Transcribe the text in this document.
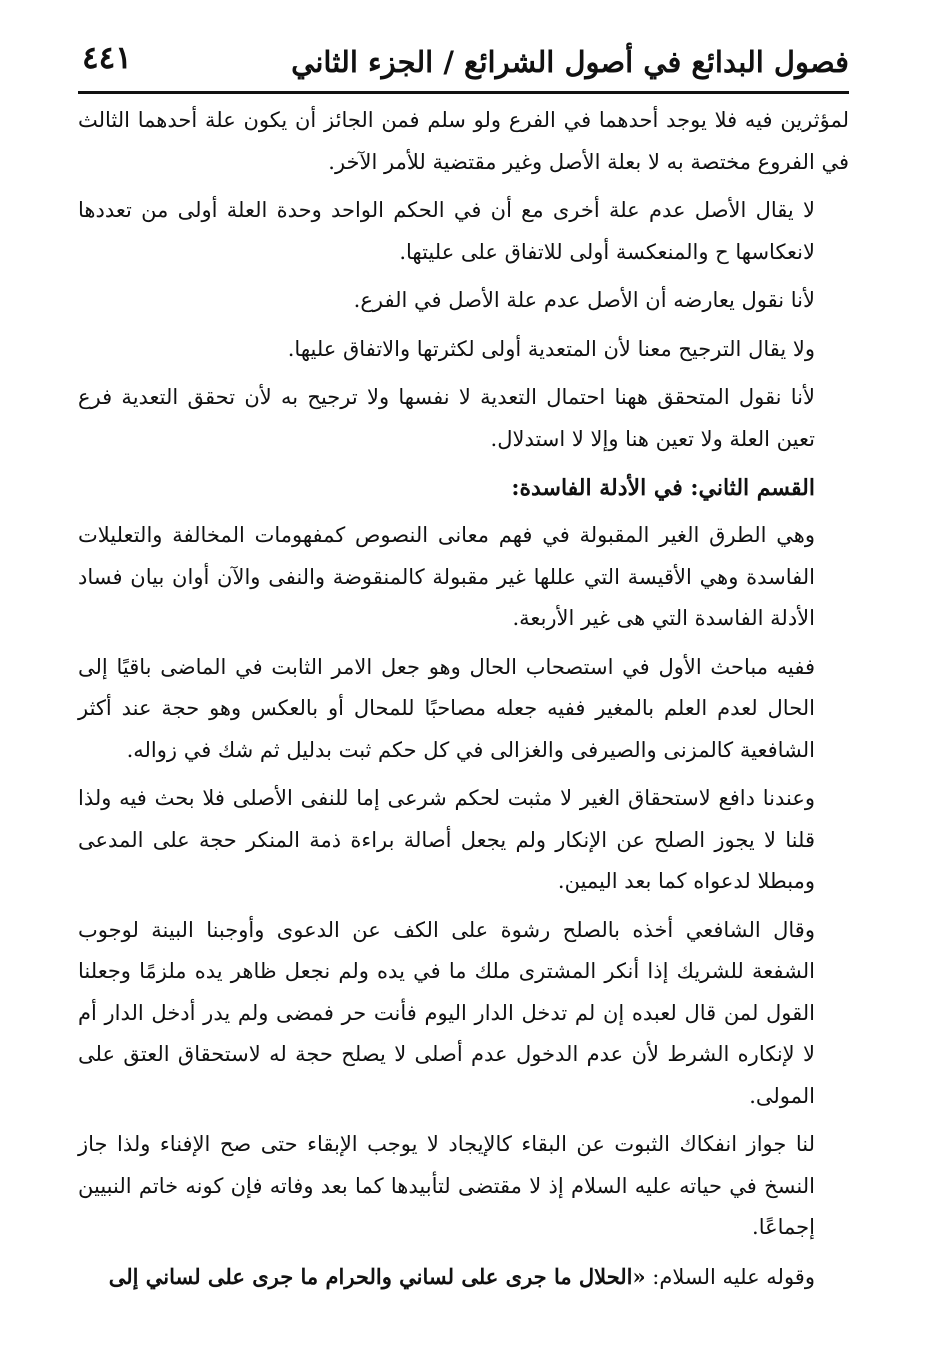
فصول البدائع في أصول الشرائع / الجزء الثاني
٤٤١

لمؤثرين فيه فلا يوجد أحدهما في الفرع ولو سلم فمن الجائز أن يكون علة أحدهما الثالث في الفروع مختصة به لا بعلة الأصل وغير مقتضية للأمر الآخر.

لا يقال الأصل عدم علة أخرى مع أن في الحكم الواحد وحدة العلة أولى من تعددها لانعكاسها ح والمنعكسة أولى للاتفاق على عليتها.

لأنا نقول يعارضه أن الأصل عدم علة الأصل في الفرع.

ولا يقال الترجيح معنا لأن المتعدية أولى لكثرتها والاتفاق عليها.

لأنا نقول المتحقق ههنا احتمال التعدية لا نفسها ولا ترجيح به لأن تحقق التعدية فرع تعين العلة ولا تعين هنا وإلا لا استدلال.

القسم الثاني: في الأدلة الفاسدة:

وهي الطرق الغير المقبولة في فهم معانى النصوص كمفهومات المخالفة والتعليلات الفاسدة وهي الأقيسة التي عللها غير مقبولة كالمنقوضة والنفى والآن أوان بيان فساد الأدلة الفاسدة التي هى غير الأربعة.

ففيه مباحث الأول في استصحاب الحال وهو جعل الامر الثابت في الماضى باقيًا إلى الحال لعدم العلم بالمغير ففيه جعله مصاحبًا للمحال أو بالعكس وهو حجة عند أكثر الشافعية كالمزنى والصيرفى والغزالى في كل حكم ثبت بدليل ثم شك في زواله.

وعندنا دافع لاستحقاق الغير لا مثبت لحكم شرعى إما للنفى الأصلى فلا بحث فيه ولذا قلنا لا يجوز الصلح عن الإنكار ولم يجعل أصالة براءة ذمة المنكر حجة على المدعى ومبطلا لدعواه كما بعد اليمين.

وقال الشافعي أخذه بالصلح رشوة على الكف عن الدعوى وأوجبنا البينة لوجوب الشفعة للشريك إذا أنكر المشترى ملك ما في يده ولم نجعل ظاهر يده ملزمًا وجعلنا القول لمن قال لعبده إن لم تدخل الدار اليوم فأنت حر فمضى ولم يدر أدخل الدار أم لا لإنكاره الشرط لأن عدم الدخول عدم أصلى لا يصلح حجة له لاستحقاق العتق على المولى.

لنا جواز انفكاك الثبوت عن البقاء كالإيجاد لا يوجب الإبقاء حتى صح الإفناء ولذا جاز النسخ في حياته عليه السلام إذ لا مقتضى لتأبيدها كما بعد وفاته فإن كونه خاتم النبيين إجماعًا.

وقوله عليه السلام: «الحلال ما جرى على لساني والحرام ما جرى على لساني إلى
